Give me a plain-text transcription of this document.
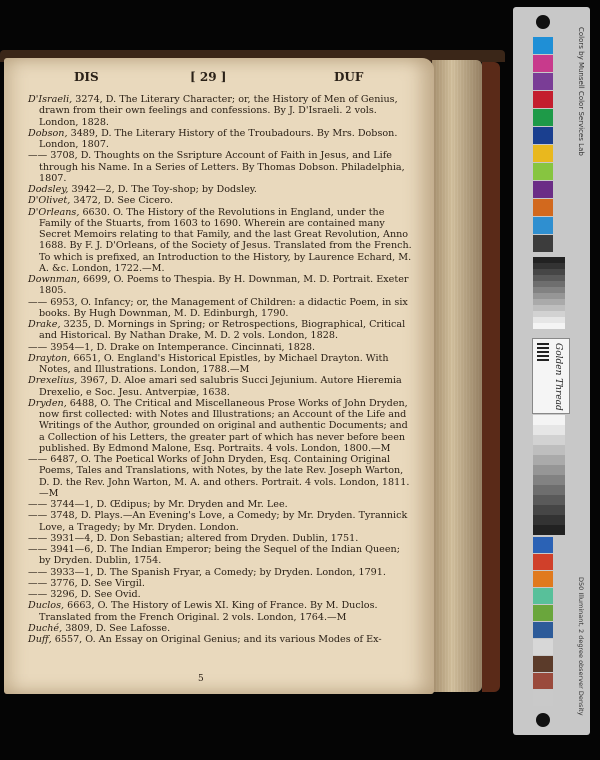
DIS	[ 29 ]	DUF

D'Israeli, 3274, D. The Literary Character; or, the History of Men of Genius, drawn from their own feelings and confessions. By J. D'Israeli. 2 vols. London, 1828.

Dobson, 3489, D. The Literary History of the Troubadours. By Mrs. Dobson. London, 1807.

—— 3708, D. Thoughts on the Ssripture Account of Faith in Jesus, and Life through his Name. In a Series of Letters. By Thomas Dobson. Philadelphia, 1807.

Dodsley, 3942—2, D. The Toy-shop; by Dodsley.

D'Olivet, 3472, D. See Cicero.

D'Orleans, 6630. O. The History of the Revolutions in England, under the Family of the Stuarts, from 1603 to 1690. Wherein are contained many Secret Memoirs relating to that Family, and the last Great Revolution, Anno 1688. By F. J. D'Orleans, of the Society of Jesus. Translated from the French. To which is prefixed, an Introduction to the History, by Laurence Echard, M. A. &c. London, 1722.—M.

Downman, 6699, O. Poems to Thespia. By H. Downman, M. D. Portrait. Exeter 1805.

—— 6953, O. Infancy; or, the Management of Children: a didactic Poem, in six books. By Hugh Downman, M. D. Edinburgh, 1790.

Drake, 3235, D. Mornings in Spring; or Retrospections, Biographical, Critical and Historical. By Nathan Drake, M. D. 2 vols. London, 1828.

—— 3954—1, D. Drake on Intemperance. Cincinnati, 1828.

Drayton, 6651, O. England's Historical Epistles, by Michael Drayton. With Notes, and Illustrations. London, 1788.—M

Drexelius, 3967, D. Aloe amari sed salubris Succi Jejunium. Autore Hieremia Drexelio, e Soc. Jesu. Antverpiæ, 1638.

Dryden, 6488, O. The Critical and Miscellaneous Prose Works of John Dryden, now first collected: with Notes and Illustrations; an Account of the Life and Writings of the Author, grounded on original and authentic Documents; and a Collection of his Letters, the greater part of which has never before been published. By Edmond Malone, Esq. Portraits. 4 vols. London, 1800.—M

—— 6487, O. The Poetical Works of John Dryden, Esq. Containing Original Poems, Tales and Translations, with Notes, by the late Rev. Joseph Warton, D. D. the Rev. John Warton, M. A. and others. Portrait. 4 vols. London, 1811.—M

—— 3744—1, D. Œdipus; by Mr. Dryden and Mr. Lee.

—— 3748, D. Plays.—An Evening's Love, a Comedy; by Mr. Dryden. Tyrannick Love, a Tragedy; by Mr. Dryden. London.

—— 3931—4, D. Don Sebastian; altered from Dryden. Dublin, 1751.

—— 3941—6, D. The Indian Emperor; being the Sequel of the Indian Queen; by Dryden. Dublin, 1754.

—— 3933—1, D. The Spanish Fryar, a Comedy; by Dryden. London, 1791.

—— 3776, D. See Virgil.

—— 3296, D. See Ovid.

Duclos, 6663, O. The History of Lewis XI. King of France. By M. Duclos. Translated from the French Original. 2 vols. London, 1764.—M

Duché, 3809, D. See Lafosse.

Duff, 6557, O. An Essay on Original Genius; and its various Modes of Ex-

5
Colors by Munsell Color Services Lab
D50 Illuminant, 2 degree observer Density
Golden Thread
